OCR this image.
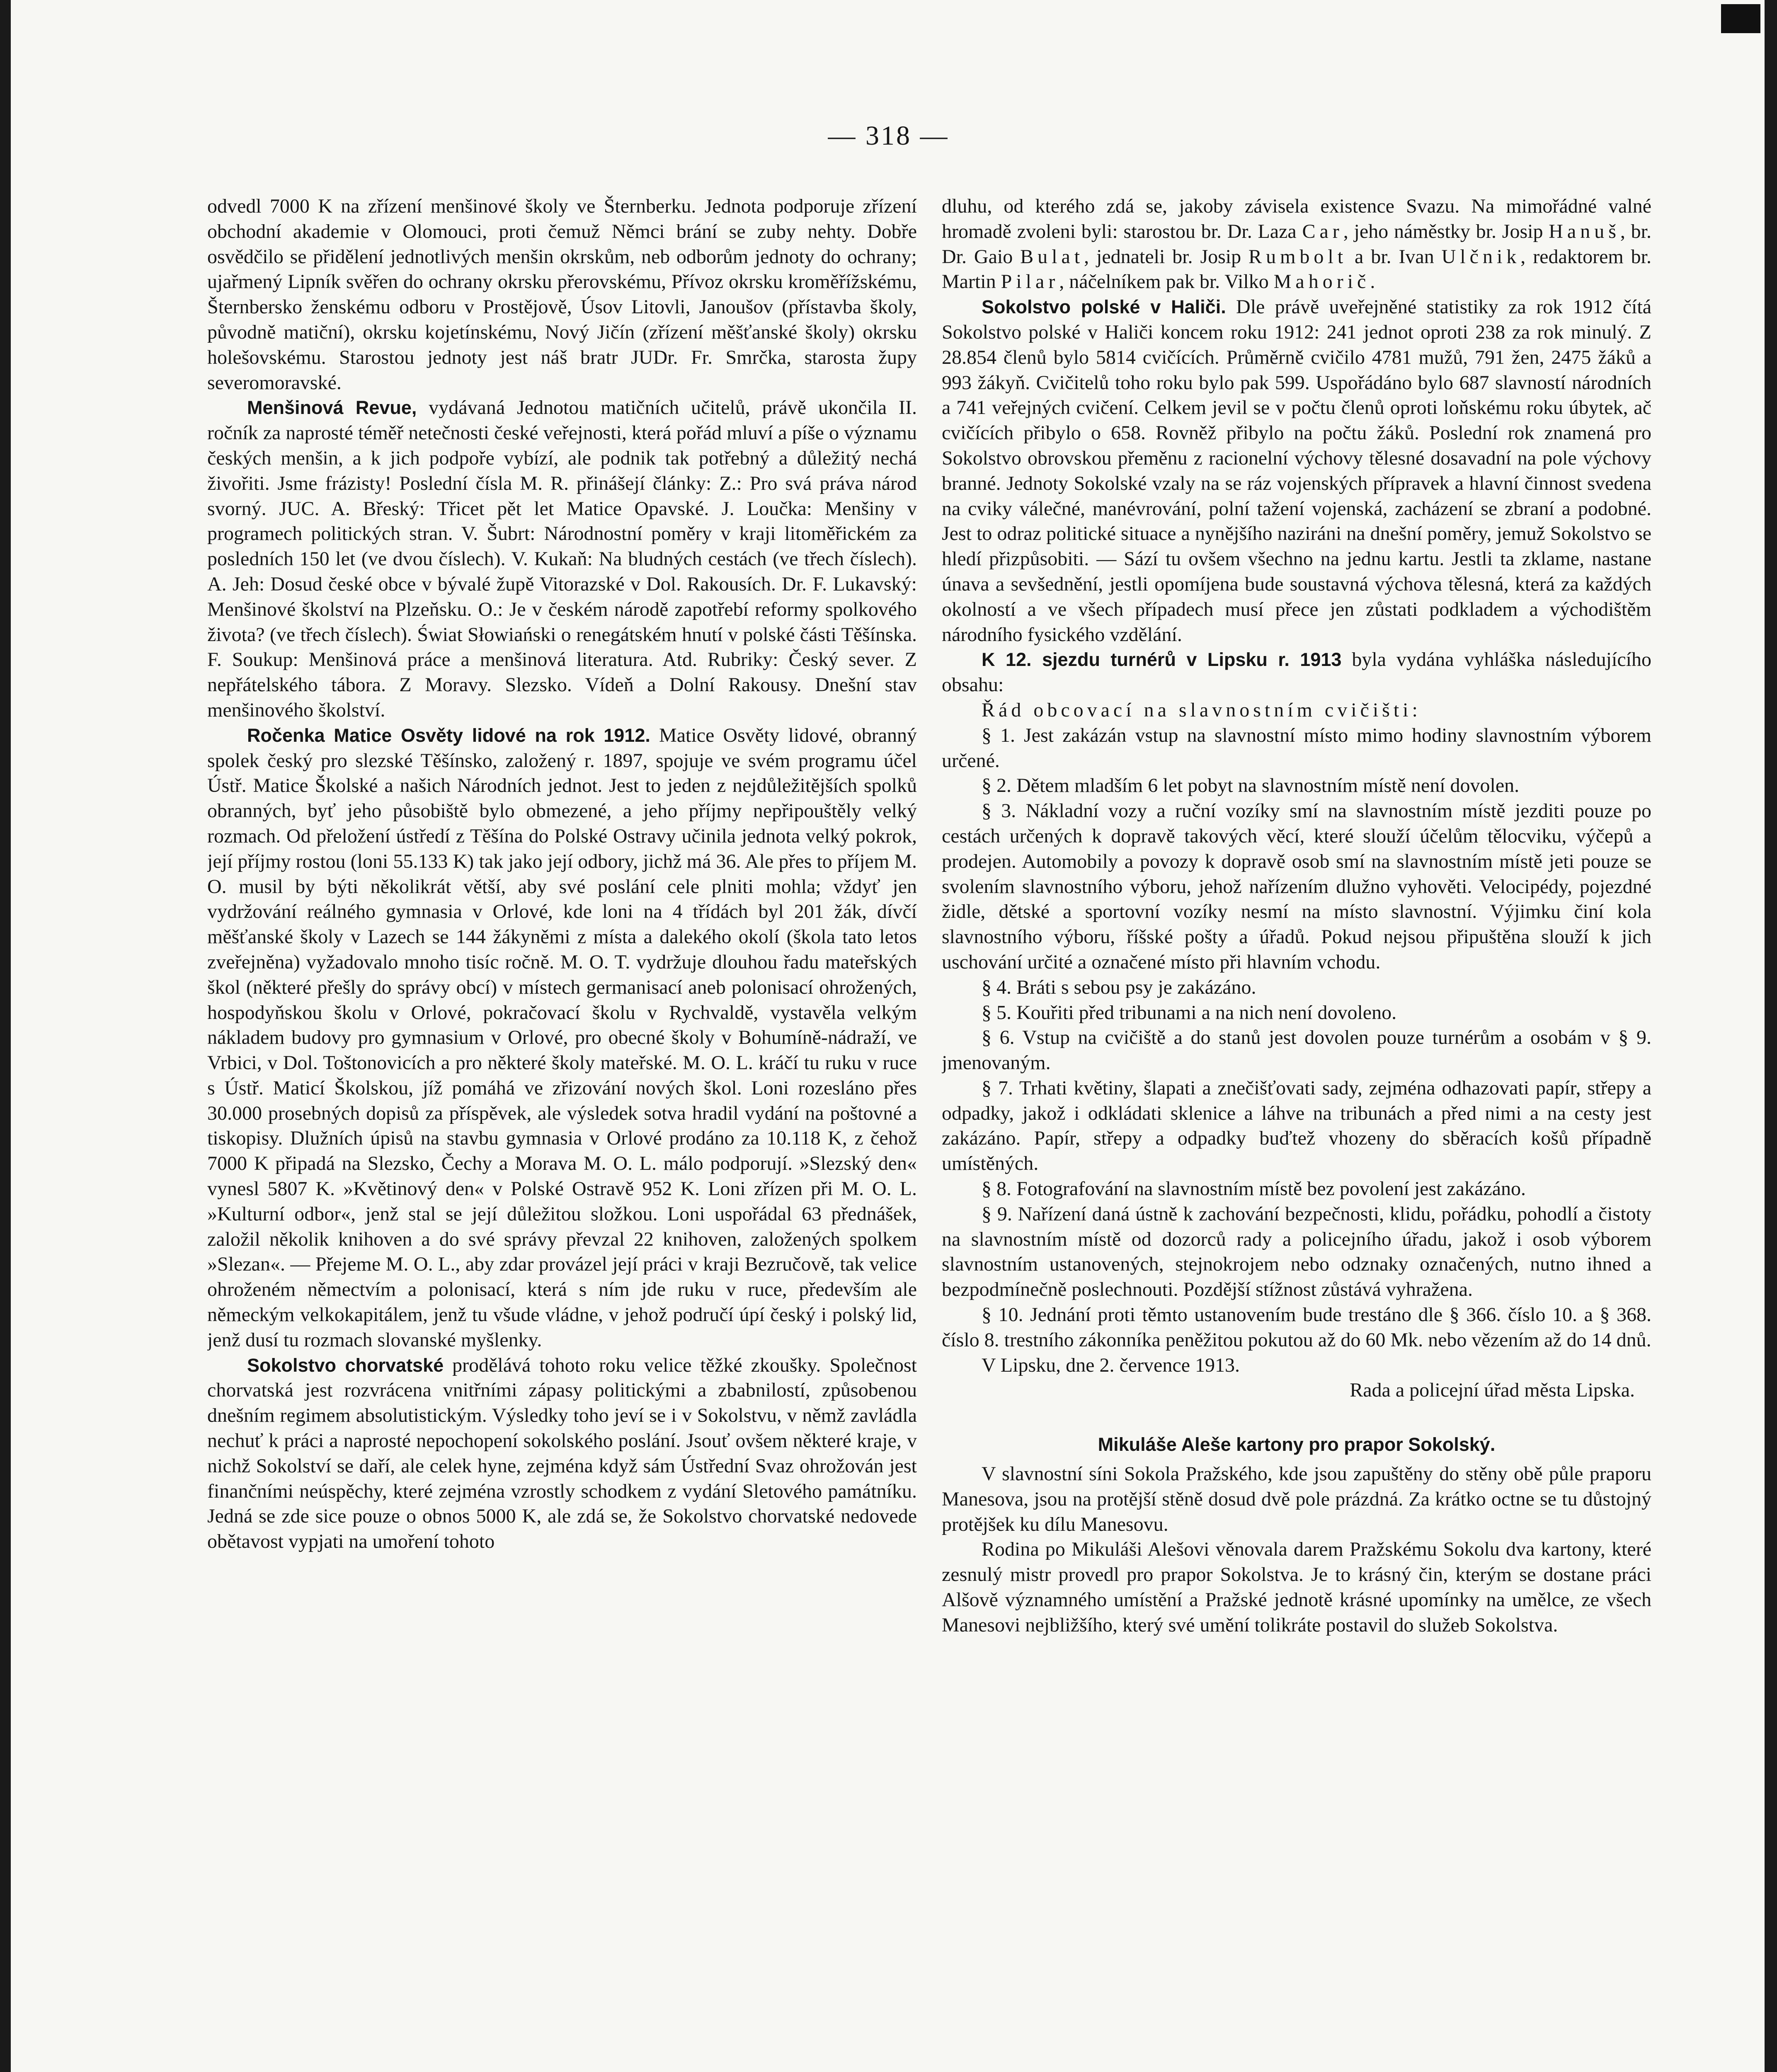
— 318 —

odvedl 7000 K na zřízení menšinové školy ve Šternberku. Jednota podporuje zřízení obchodní akademie v Olomouci, proti čemuž Němci brání se zuby nehty. Dobře osvědčilo se přidělení jednotlivých menšin okrskům, neb odborům jednoty do ochrany; ujařmený Lipník svěřen do ochrany okrsku přerovskému, Přívoz okrsku kroměřížskému, Šternbersko ženskému odboru v Prostějově, Úsov Litovli, Janoušov (přístavba školy, původně matiční), okrsku kojetínskému, Nový Jičín (zřízení měšťanské školy) okrsku holešovskému. Starostou jednoty jest náš bratr JUDr. Fr. Smrčka, starosta župy severomoravské.

Menšinová Revue, vydávaná Jednotou matičních učitelů, právě ukončila II. ročník za naprosté téměř netečnosti české veřejnosti, která pořád mluví a píše o významu českých menšin, a k jich podpoře vybízí, ale podnik tak potřebný a důležitý nechá živořiti. Jsme frázisty! Poslední čísla M. R. přinášejí články: Z.: Pro svá práva národ svorný. JUC. A. Břeský: Třicet pět let Matice Opavské. J. Loučka: Menšiny v programech politických stran. V. Šubrt: Národnostní poměry v kraji litoměřickém za posledních 150 let (ve dvou číslech). V. Kukaň: Na bludných cestách (ve třech číslech). A. Jeh: Dosud české obce v bývalé župě Vitorazské v Dol. Rakousích. Dr. F. Lukavský: Menšinové školství na Plzeňsku. O.: Je v českém národě zapotřebí reformy spolkového života? (ve třech číslech). Świat Słowiański o renegátském hnutí v polské části Těšínska. F. Soukup: Menšinová práce a menšinová literatura. Atd. Rubriky: Český sever. Z nepřátelského tábora. Z Moravy. Slezsko. Vídeň a Dolní Rakousy. Dnešní stav menšinového školství.

Ročenka Matice Osvěty lidové na rok 1912. Matice Osvěty lidové, obranný spolek český pro slezské Těšínsko, založený r. 1897, spojuje ve svém programu účel Ústř. Matice Školské a našich Národních jednot. Jest to jeden z nejdůležitějších spolků obranných, byť jeho působiště bylo obmezené, a jeho příjmy nepřipouštěly velký rozmach. Od přeložení ústředí z Těšína do Polské Ostravy učinila jednota velký pokrok, její příjmy rostou (loni 55.133 K) tak jako její odbory, jichž má 36. Ale přes to příjem M. O. musil by býti několikrát větší, aby své poslání cele plniti mohla; vždyť jen vydržování reálného gymnasia v Orlové, kde loni na 4 třídách byl 201 žák, dívčí měšťanské školy v Lazech se 144 žákyněmi z místa a dalekého okolí (škola tato letos zveřejněna) vyžadovalo mnoho tisíc ročně. M. O. T. vydržuje dlouhou řadu mateřských škol (některé přešly do správy obcí) v místech germanisací aneb polonisací ohrožených, hospodyňskou školu v Orlové, pokračovací školu v Rychvaldě, vystavěla velkým nákladem budovy pro gymnasium v Orlové, pro obecné školy v Bohumíně-nádraží, ve Vrbici, v Dol. Toštonovicích a pro některé školy mateřské. M. O. L. kráčí tu ruku v ruce s Ústř. Maticí Školskou, jíž pomáhá ve zřizování nových škol. Loni rozesláno přes 30.000 prosebných dopisů za příspěvek, ale výsledek sotva hradil vydání na poštovné a tiskopisy. Dlužních úpisů na stavbu gymnasia v Orlové prodáno za 10.118 K, z čehož 7000 K připadá na Slezsko, Čechy a Morava M. O. L. málo podporují. »Slezský den« vynesl 5807 K. »Květinový den« v Polské Ostravě 952 K. Loni zřízen při M. O. L. »Kulturní odbor«, jenž stal se její důležitou složkou. Loni uspořádal 63 přednášek, založil několik knihoven a do své správy převzal 22 knihoven, založených spolkem »Slezan«. — Přejeme M. O. L., aby zdar provázel její práci v kraji Bezručově, tak velice ohroženém němectvím a polonisací, která s ním jde ruku v ruce, především ale německým velkokapitálem, jenž tu všude vládne, v jehož područí úpí český i polský lid, jenž dusí tu rozmach slovanské myšlenky.

Sokolstvo chorvatské prodělává tohoto roku velice těžké zkoušky. Společnost chorvatská jest rozvrácena vnitřními zápasy politickými a zbabnilostí, způsobenou dnešním regimem absolutistickým. Výsledky toho jeví se i v Sokolstvu, v němž zavládla nechuť k práci a naprosté nepochopení sokolského poslání. Jsouť ovšem některé kraje, v nichž Sokolství se daří, ale celek hyne, zejména když sám Ústřední Svaz ohrožován jest finančními neúspěchy, které zejména vzrostly schodkem z vydání Sletového památníku. Jedná se zde sice pouze o obnos 5000 K, ale zdá se, že Sokolstvo chorvatské nedovede obětavost vypjati na umoření tohoto

dluhu, od kterého zdá se, jakoby závisela existence Svazu. Na mimořádné valné hromadě zvoleni byli: starostou br. Dr. Laza Car, jeho náměstky br. Josip Hanuš, br. Dr. Gaio Bulat, jednateli br. Josip Rumbolt a br. Ivan Ulčnik, redaktorem br. Martin Pilar, náčelníkem pak br. Vilko Mahorič.

Sokolstvo polské v Haliči. Dle právě uveřejněné statistiky za rok 1912 čítá Sokolstvo polské v Haliči koncem roku 1912: 241 jednot oproti 238 za rok minulý. Z 28.854 členů bylo 5814 cvičících. Průměrně cvičilo 4781 mužů, 791 žen, 2475 žáků a 993 žákyň. Cvičitelů toho roku bylo pak 599. Uspořádáno bylo 687 slavností národních a 741 veřejných cvičení. Celkem jevil se v počtu členů oproti loňskému roku úbytek, ač cvičících přibylo o 658. Rovněž přibylo na počtu žáků. Poslední rok znamená pro Sokolstvo obrovskou přeměnu z racionelní výchovy tělesné dosavadní na pole výchovy branné. Jednoty Sokolské vzaly na se ráz vojenských přípravek a hlavní činnost svedena na cviky válečné, manévrování, polní tažení vojenská, zacházení se zbraní a podobné. Jest to odraz politické situace a nynějšího naziráni na dnešní poměry, jemuž Sokolstvo se hledí přizpůsobiti. — Sází tu ovšem všechno na jednu kartu. Jestli ta zklame, nastane únava a sevšednění, jestli opomíjena bude soustavná výchova tělesná, která za každých okolností a ve všech případech musí přece jen zůstati podkladem a východištěm národního fysického vzdělání.

K 12. sjezdu turnérů v Lipsku r. 1913 byla vydána vyhláška následujícího obsahu:

Řád obcovací na slavnostním cvičišti:

§ 1. Jest zakázán vstup na slavnostní místo mimo hodiny slavnostním výborem určené.

§ 2. Dětem mladším 6 let pobyt na slavnostním místě není dovolen.

§ 3. Nákladní vozy a ruční vozíky smí na slavnostním místě jezditi pouze po cestách určených k dopravě takových věcí, které slouží účelům tělocviku, výčepů a prodejen. Automobily a povozy k dopravě osob smí na slavnostním místě jeti pouze se svolením slavnostního výboru, jehož nařízením dlužno vyhověti. Velocipédy, pojezdné židle, dětské a sportovní vozíky nesmí na místo slavnostní. Výjimku činí kola slavnostního výboru, říšské pošty a úřadů. Pokud nejsou připuštěna slouží k jich uschování určité a označené místo při hlavním vchodu.

§ 4. Bráti s sebou psy je zakázáno.

§ 5. Kouřiti před tribunami a na nich není dovoleno.

§ 6. Vstup na cvičiště a do stanů jest dovolen pouze turnérům a osobám v § 9. jmenovaným.

§ 7. Trhati květiny, šlapati a znečišťovati sady, zejména odhazovati papír, střepy a odpadky, jakož i odkládati sklenice a láhve na tribunách a před nimi a na cesty jest zakázáno. Papír, střepy a odpadky buďtež vhozeny do sběracích košů případně umístěných.

§ 8. Fotografování na slavnostním místě bez povolení jest zakázáno.

§ 9. Nařízení daná ústně k zachování bezpečnosti, klidu, pořádku, pohodlí a čistoty na slavnostním místě od dozorců rady a policejního úřadu, jakož i osob výborem slavnostním ustanovených, stejnokrojem nebo odznaky označených, nutno ihned a bezpodmínečně poslechnouti. Pozdější stížnost zůstává vyhražena.

§ 10. Jednání proti těmto ustanovením bude trestáno dle § 366. číslo 10. a § 368. číslo 8. trestního zákonníka peněžitou pokutou až do 60 Mk. nebo vězením až do 14 dnů.

V Lipsku, dne 2. července 1913.

Rada a policejní úřad města Lipska.

Mikuláše Aleše kartony pro prapor Sokolský.

V slavnostní síni Sokola Pražského, kde jsou zapuštěny do stěny obě půle praporu Manesova, jsou na protější stěně dosud dvě pole prázdná. Za krátko octne se tu důstojný protějšek ku dílu Manesovu.

Rodina po Mikuláši Alešovi věnovala darem Pražskému Sokolu dva kartony, které zesnulý mistr provedl pro prapor Sokolstva. Je to krásný čin, kterým se dostane práci Alšově významného umístění a Pražské jednotě krásné upomínky na umělce, ze všech Manesovi nejbližšího, který své umění tolikráte postavil do služeb Sokolstva.
